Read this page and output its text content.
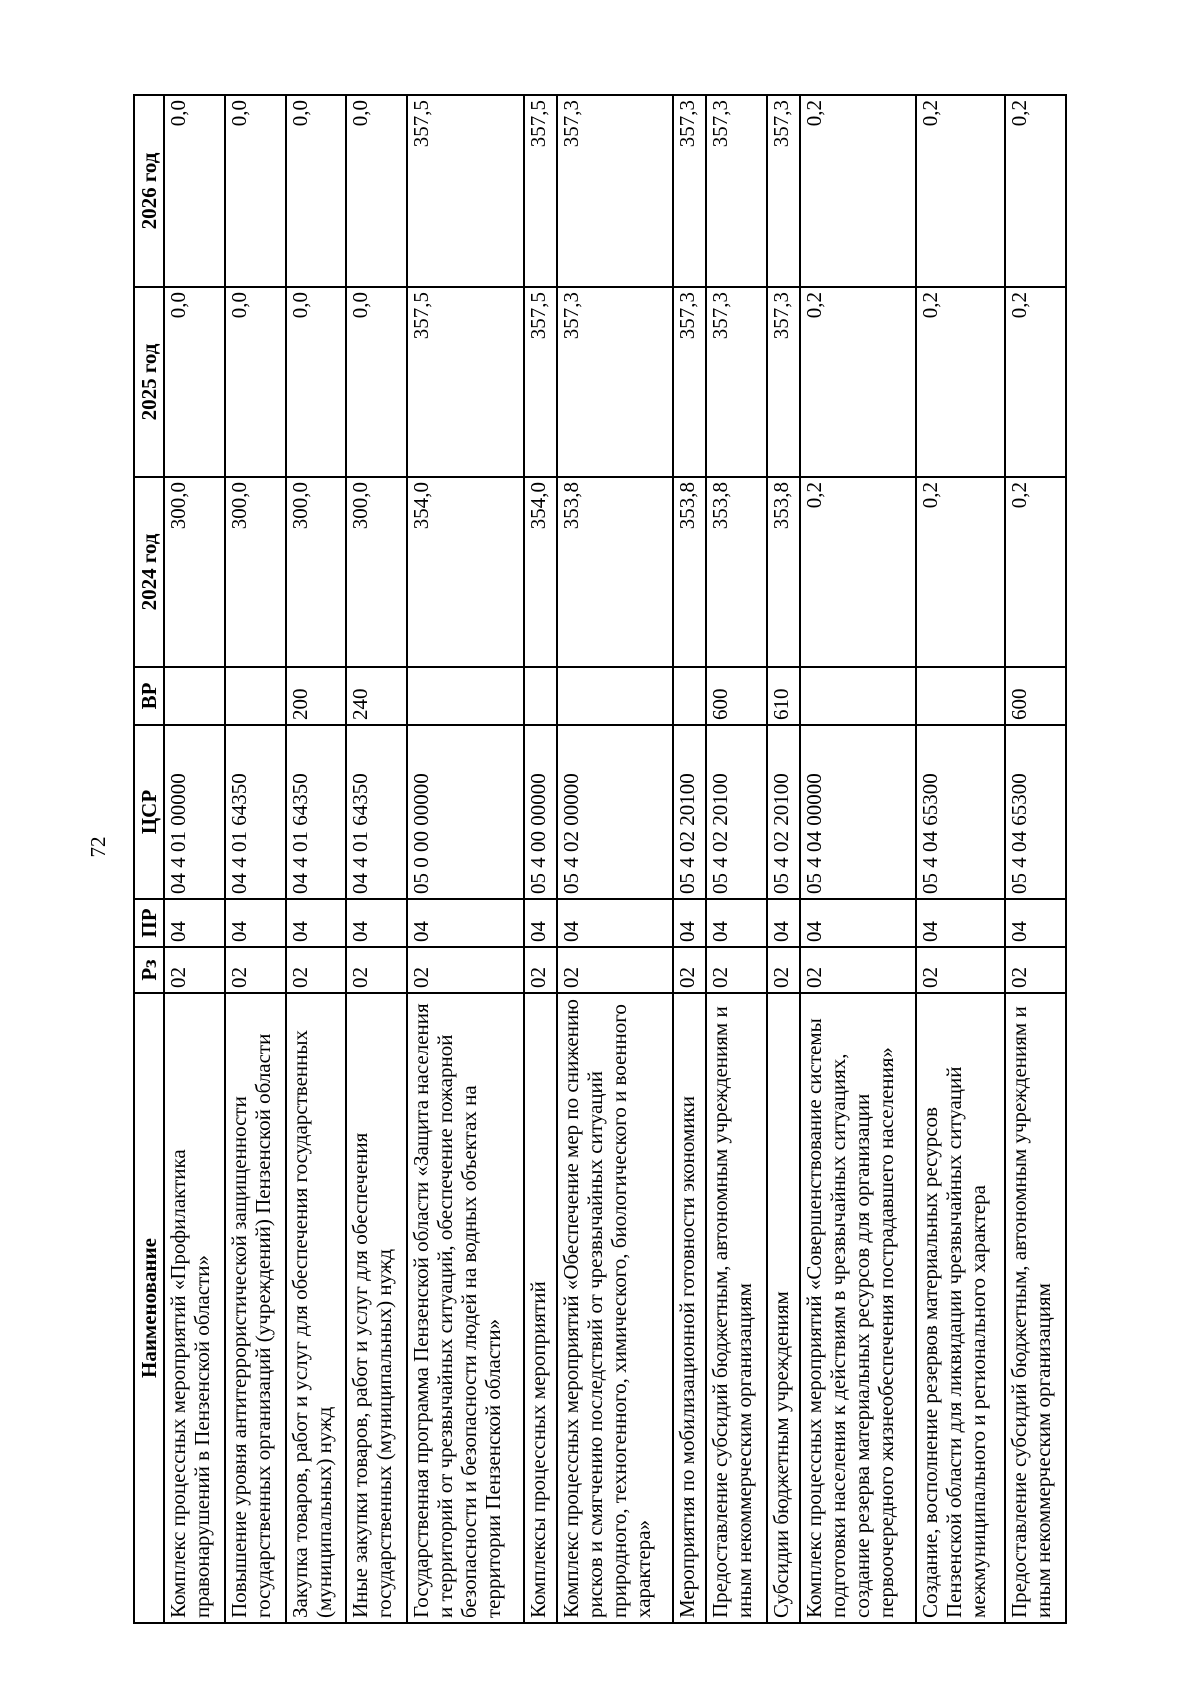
72
Наименование	Рз	ПР	ЦСР	ВР	2024 год	2025 год	2026 год
Комплекс процессных мероприятий «Профилактика правонарушений в Пензенской области»	02	04	04 4 01 00000		300,0	0,0	0,0
Повышение уровня антитеррористической защищенности государственных организаций (учреждений) Пензенской области	02	04	04 4 01 64350		300,0	0,0	0,0
Закупка товаров, работ и услуг для обеспечения государственных (муниципальных) нужд	02	04	04 4 01 64350	200	300,0	0,0	0,0
Иные закупки товаров, работ и услуг для обеспечения государственных (муниципальных) нужд	02	04	04 4 01 64350	240	300,0	0,0	0,0
Государственная программа Пензенской области «Защита населения и территорий от чрезвычайных ситуаций, обеспечение пожарной безопасности и безопасности людей на водных объектах на территории Пензенской области»	02	04	05 0 00 00000		354,0	357,5	357,5
Комплексы процессных мероприятий	02	04	05 4 00 00000		354,0	357,5	357,5
Комплекс процессных мероприятий «Обеспечение мер по снижению рисков и смягчению последствий от чрезвычайных ситуаций природного, техногенного, химического, биологического и военного характера»	02	04	05 4 02 00000		353,8	357,3	357,3
Мероприятия по мобилизационной готовности экономики	02	04	05 4 02 20100		353,8	357,3	357,3
Предоставление субсидий бюджетным, автономным учреждениям и иным некоммерческим организациям	02	04	05 4 02 20100	600	353,8	357,3	357,3
Субсидии бюджетным учреждениям	02	04	05 4 02 20100	610	353,8	357,3	357,3
Комплекс процессных мероприятий «Совершенствование системы подготовки населения к действиям в чрезвычайных ситуациях, создание резерва материальных ресурсов для организации первоочередного жизнеобеспечения пострадавшего населения»	02	04	05 4 04 00000		0,2	0,2	0,2
Создание, восполнение резервов материальных ресурсов Пензенской области для ликвидации чрезвычайных ситуаций межмуниципального и регионального характера	02	04	05 4 04 65300		0,2	0,2	0,2
Предоставление субсидий бюджетным, автономным учреждениям и иным некоммерческим организациям	02	04	05 4 04 65300	600	0,2	0,2	0,2
